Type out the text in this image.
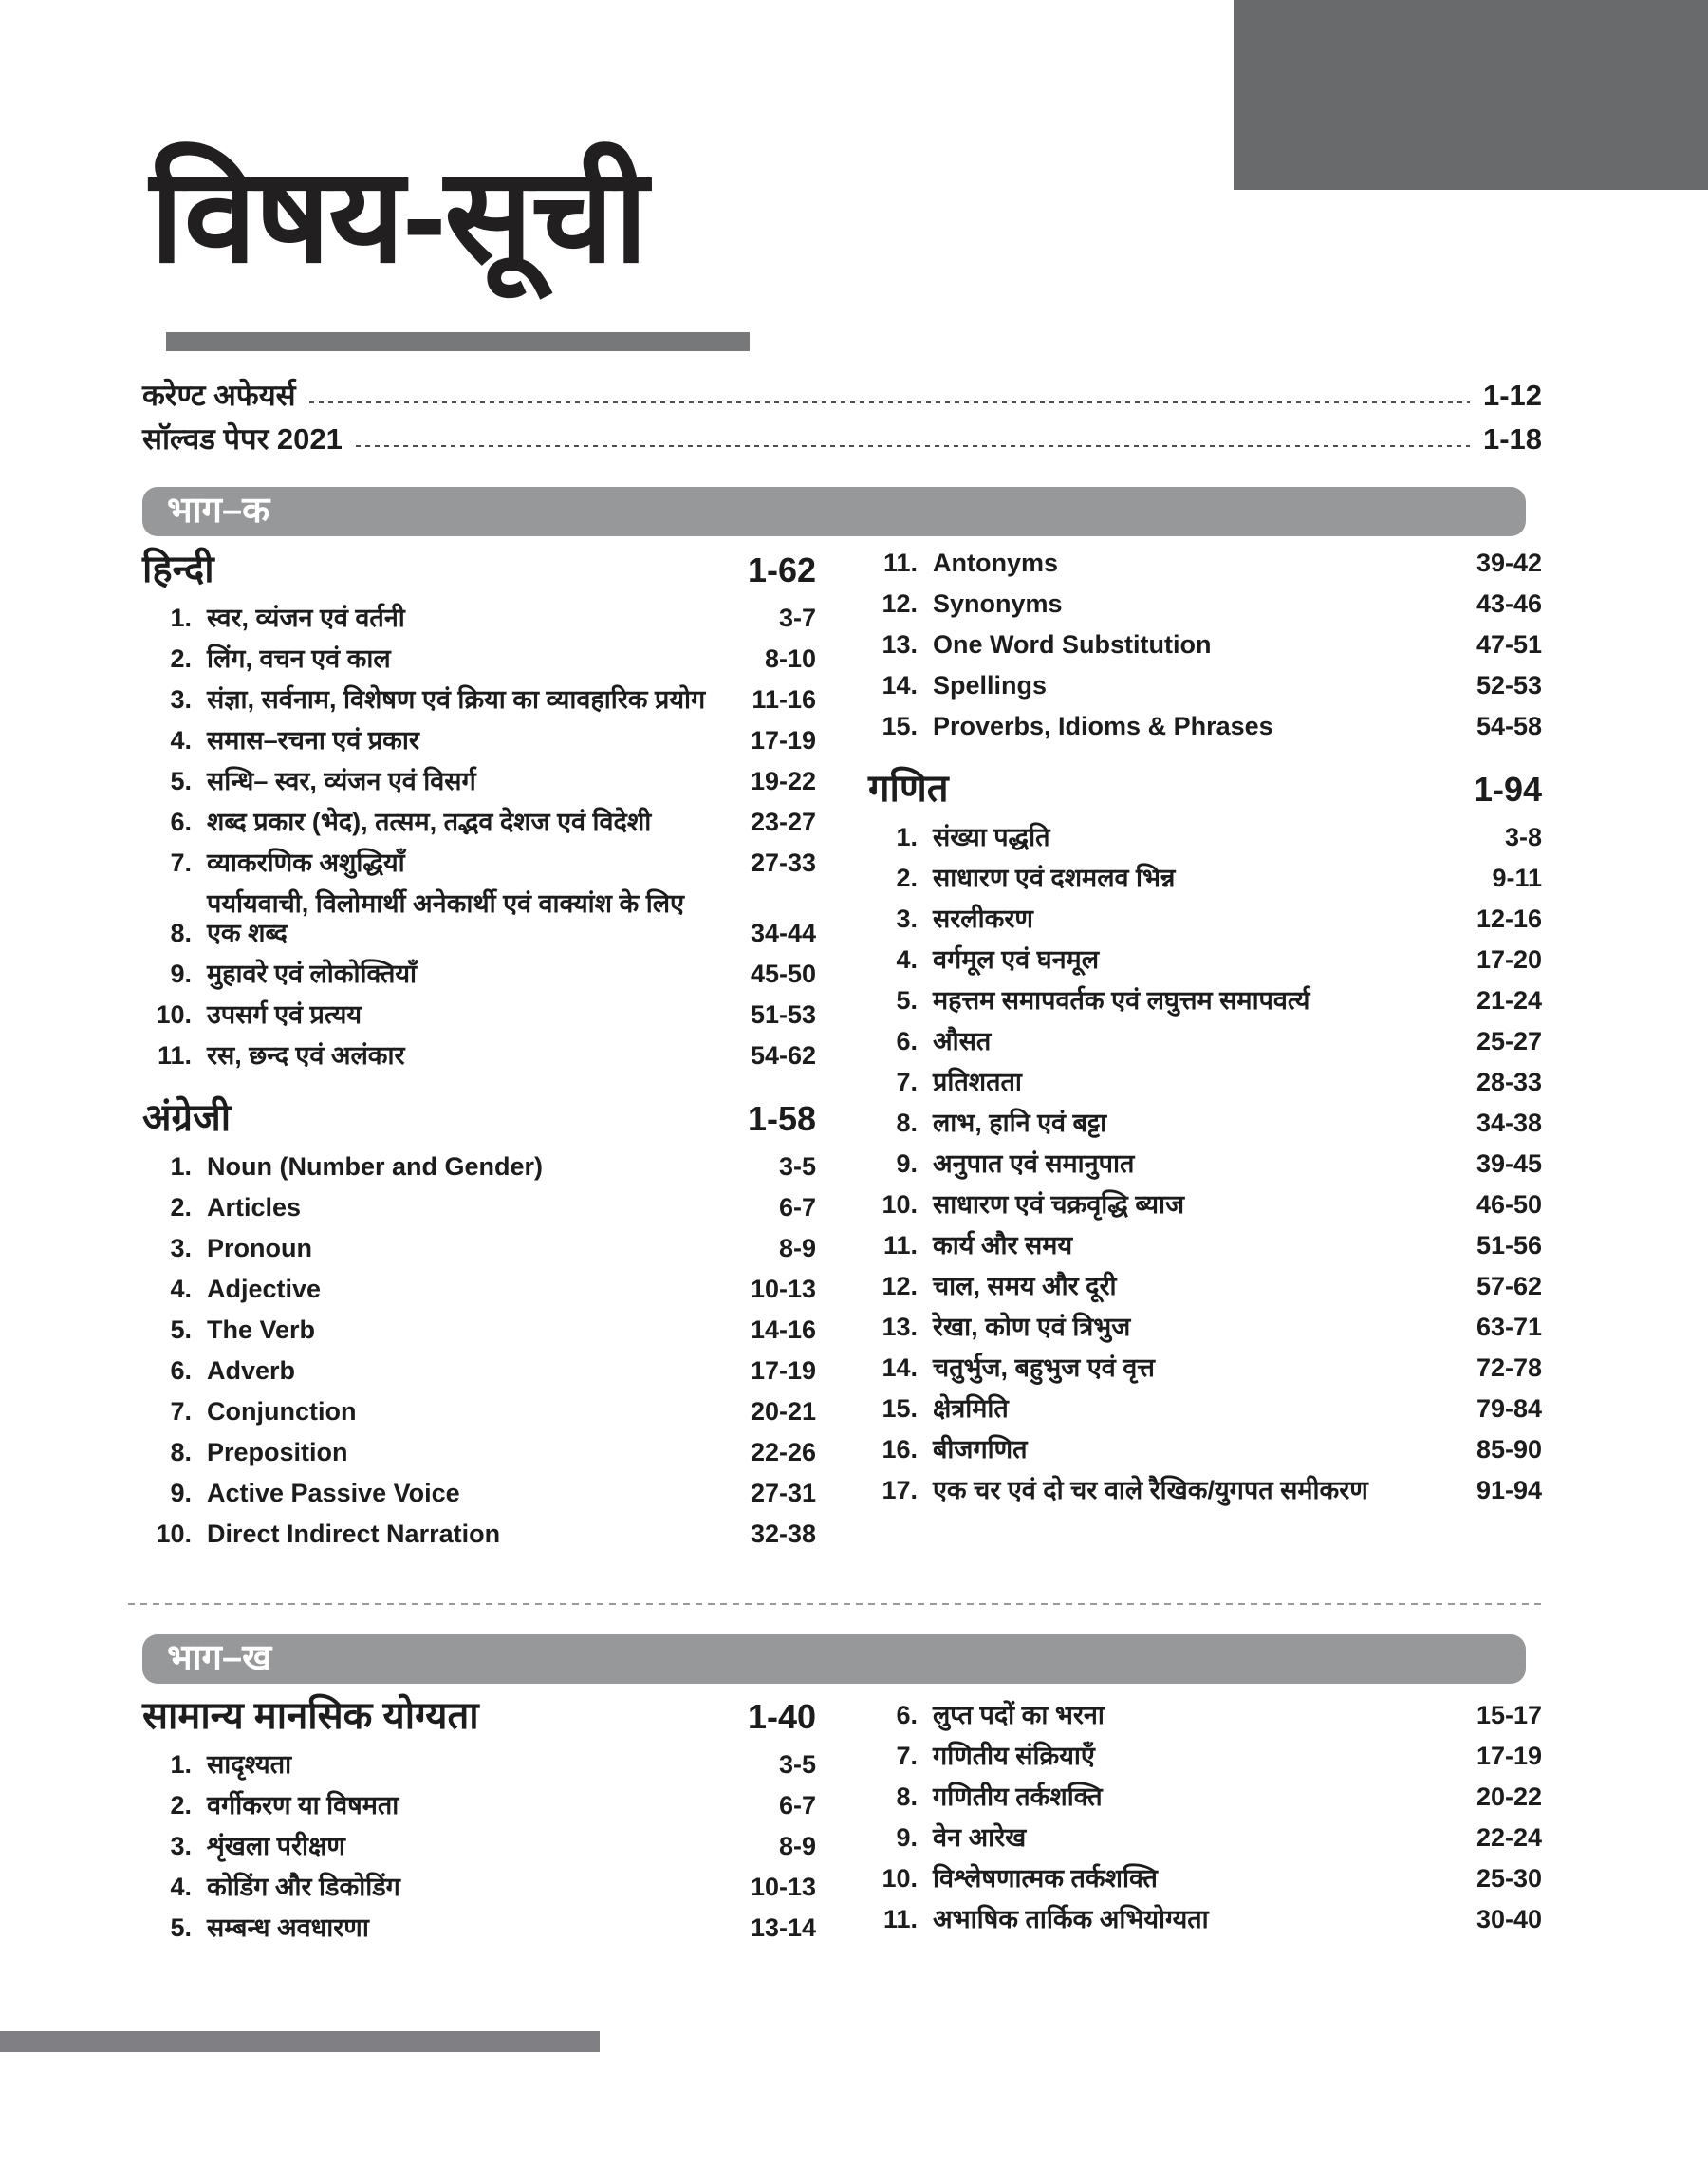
विषय-सूची
करेण्ट अफेयर्स	1-12
सॉल्वड पेपर 2021	1-18
भाग–क
हिन्दी	1-62
1. स्वर, व्यंजन एवं वर्तनी	3-7
2. लिंग, वचन एवं काल	8-10
3. संज्ञा, सर्वनाम, विशेषण एवं क्रिया का व्यावहारिक प्रयोग	11-16
4. समास–रचना एवं प्रकार	17-19
5. सन्धि– स्वर, व्यंजन एवं विसर्ग	19-22
6. शब्द प्रकार (भेद), तत्सम, तद्भव देशज एवं विदेशी	23-27
7. व्याकरणिक अशुद्धियाँ	27-33
8.
पर्यायवाची, विलोमार्थी अनेकार्थी एवं वाक्यांश के लिए एक शब्द	34-44
9. मुहावरे एवं लोकोक्तियाँ	45-50
10. उपसर्ग एवं प्रत्यय	51-53
11. रस, छन्द एवं अलंकार	54-62
अंग्रेजी	1-58
1. Noun (Number and Gender)	3-5
2. Articles	6-7
3. Pronoun	8-9
4. Adjective	10-13
5. The Verb	14-16
6. Adverb	17-19
7. Conjunction	20-21
8. Preposition	22-26
9. Active Passive Voice	27-31
10. Direct Indirect Narration	32-38
11. Antonyms	39-42
12. Synonyms	43-46
13. One Word Substitution	47-51
14. Spellings	52-53
15. Proverbs, Idioms & Phrases	54-58
गणित	1-94
1. संख्या पद्धति	3-8
2. साधारण एवं दशमलव भिन्न	9-11
3. सरलीकरण	12-16
4. वर्गमूल एवं घनमूल	17-20
5. महत्तम समापवर्तक एवं लघुत्तम समापवर्त्य	21-24
6. औसत	25-27
7. प्रतिशतता	28-33
8. लाभ, हानि एवं बट्टा	34-38
9. अनुपात एवं समानुपात	39-45
10. साधारण एवं चक्रवृद्धि ब्याज	46-50
11. कार्य और समय	51-56
12. चाल, समय और दूरी	57-62
13. रेखा, कोण एवं त्रिभुज	63-71
14. चतुर्भुज, बहुभुज एवं वृत्त	72-78
15. क्षेत्रमिति	79-84
16. बीजगणित	85-90
17. एक चर एवं दो चर वाले रैखिक/युगपत समीकरण	91-94
भाग–ख
सामान्य मानसिक योग्यता	1-40
1. सादृश्यता	3-5
2. वर्गीकरण या विषमता	6-7
3. शृंखला परीक्षण	8-9
4. कोडिंग और डिकोडिंग	10-13
5. सम्बन्ध अवधारणा	13-14
6. लुप्त पदों का भरना	15-17
7. गणितीय संक्रियाएँ	17-19
8. गणितीय तर्कशक्ति	20-22
9. वेन आरेख	22-24
10. विश्लेषणात्मक तर्कशक्ति	25-30
11. अभाषिक तार्किक अभियोग्यता	30-40
